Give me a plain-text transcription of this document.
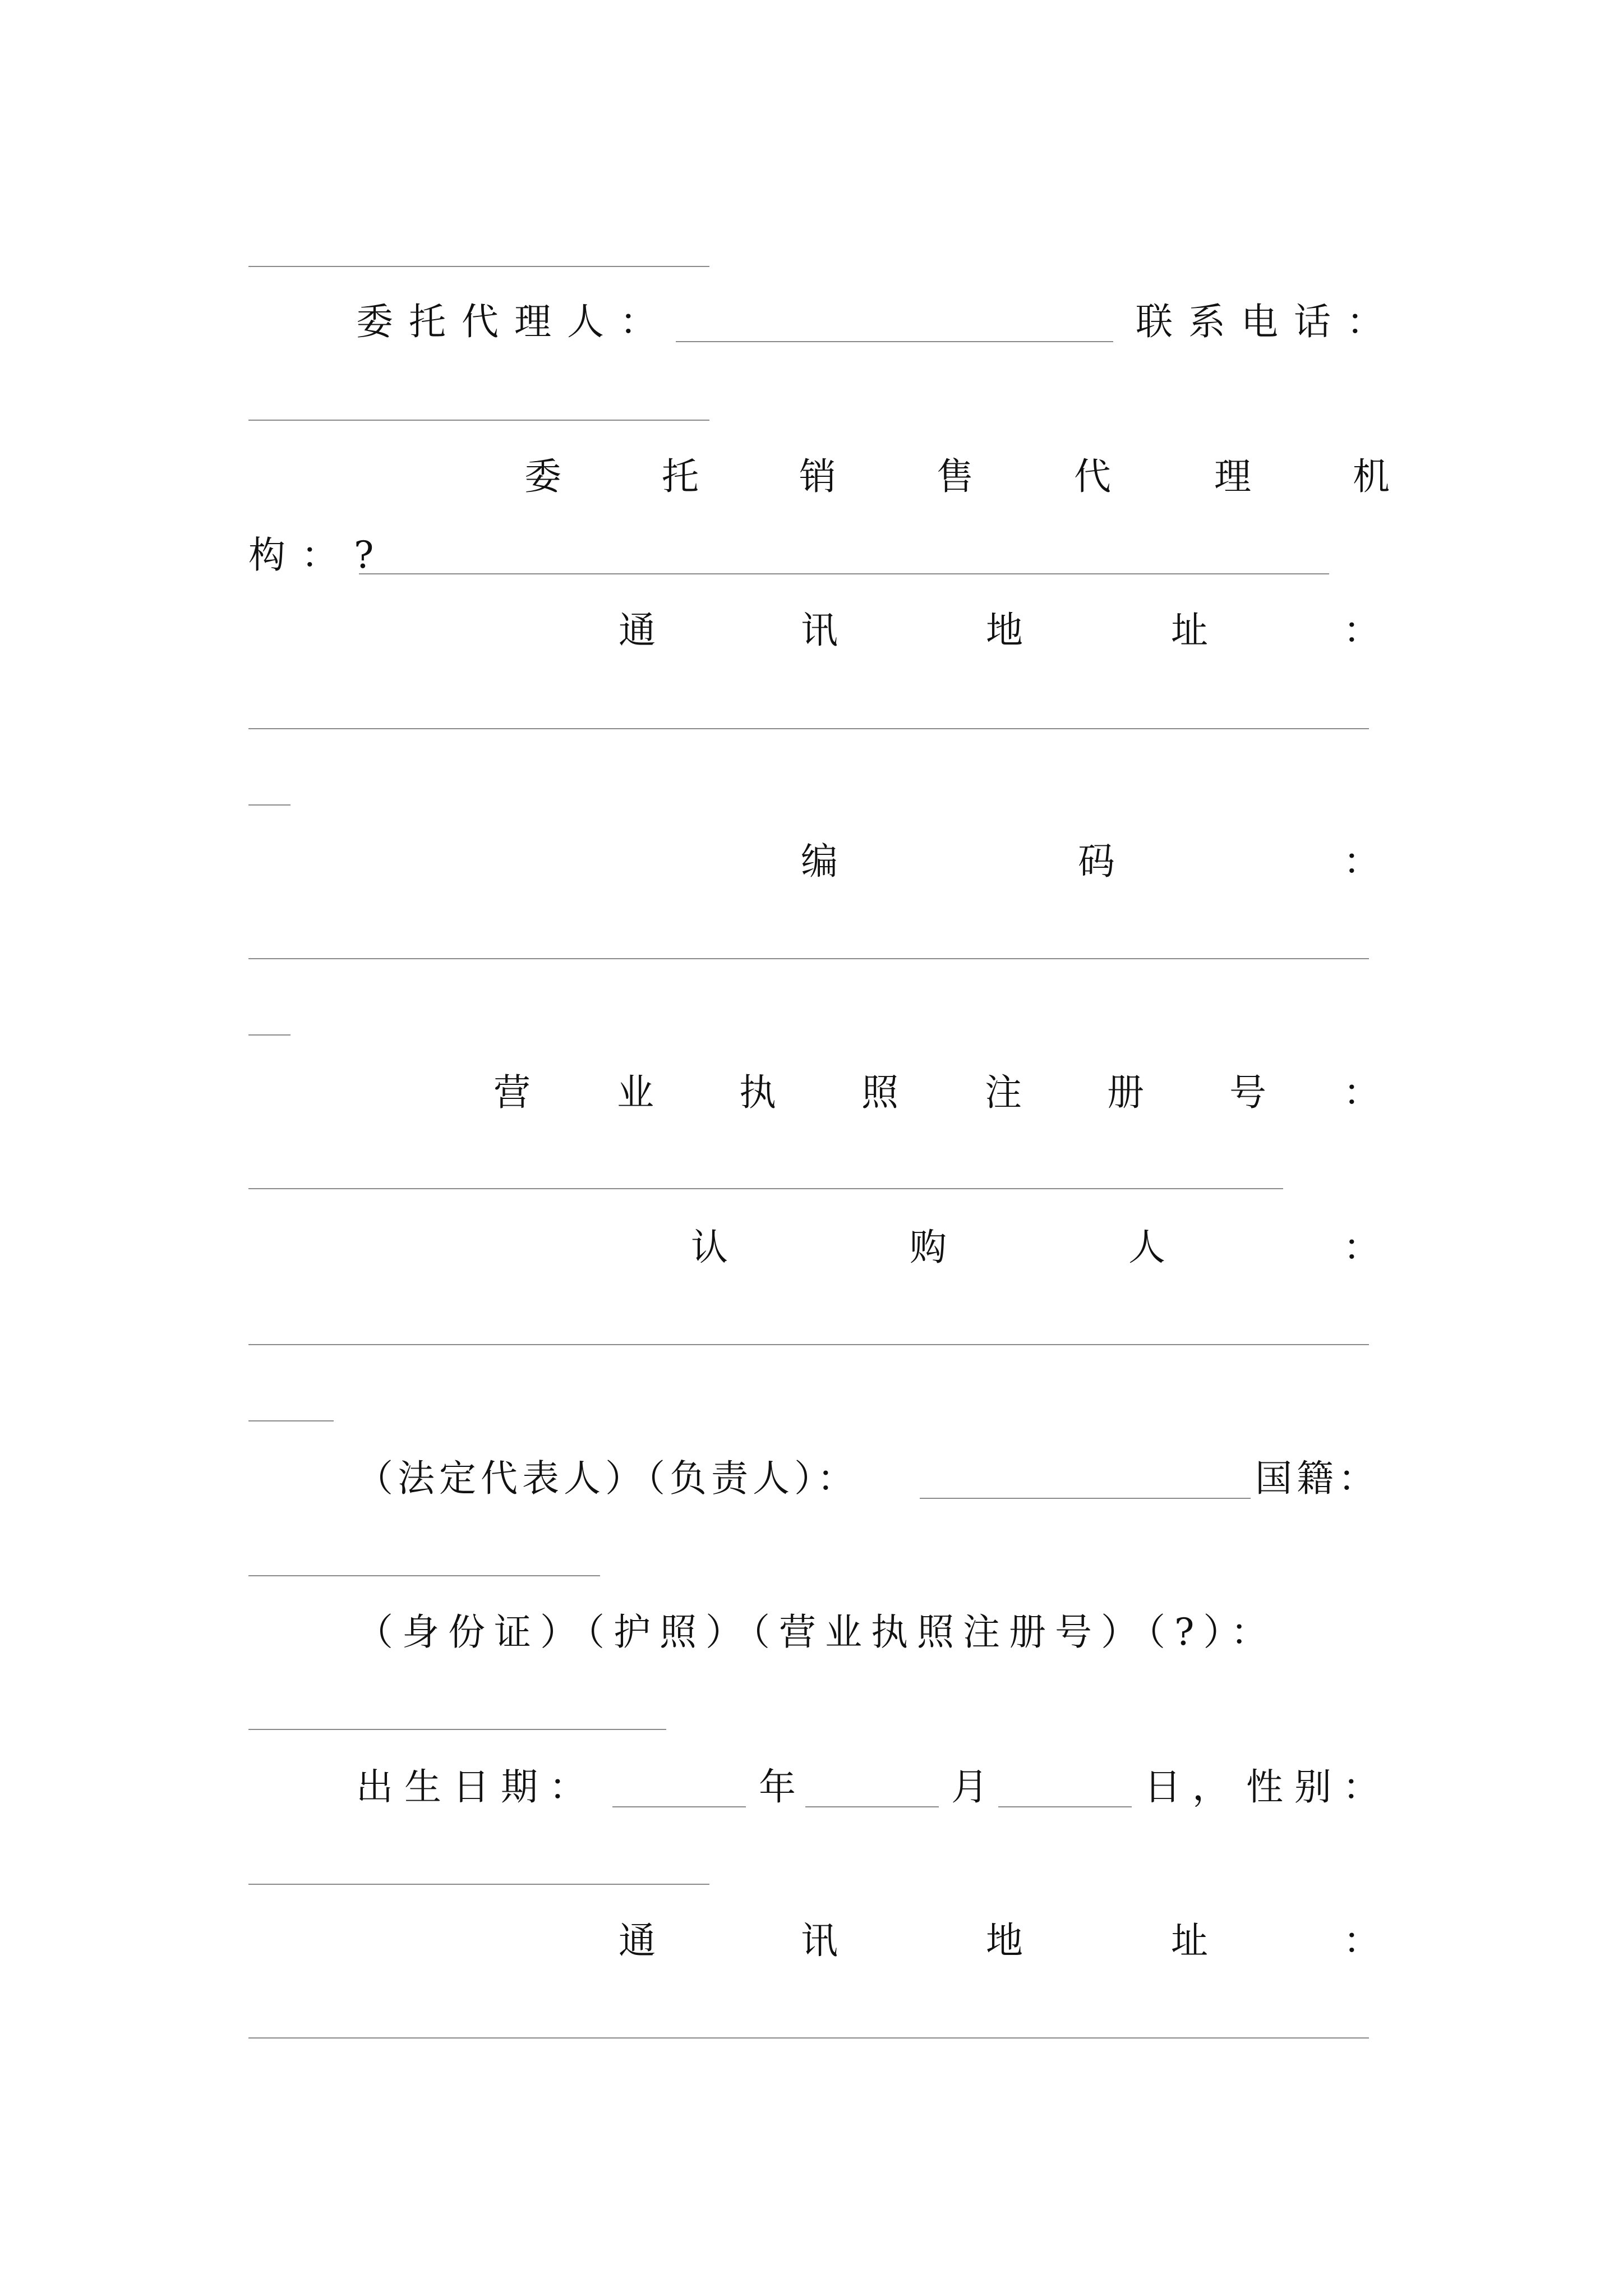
委托代理人：	联系电话：
委	托	销	售	代	理	机
构：?
通	讯	地	址	：
编	码	：
营 业 执 照 注 册 号 ：
认	购	人	：
（法定代表人）（负责人）：	国籍：
（身份证）（护照）（营业执照注册号）（?）：
出生日期：	年	月	日， 性别：
通	讯	地	址	：
